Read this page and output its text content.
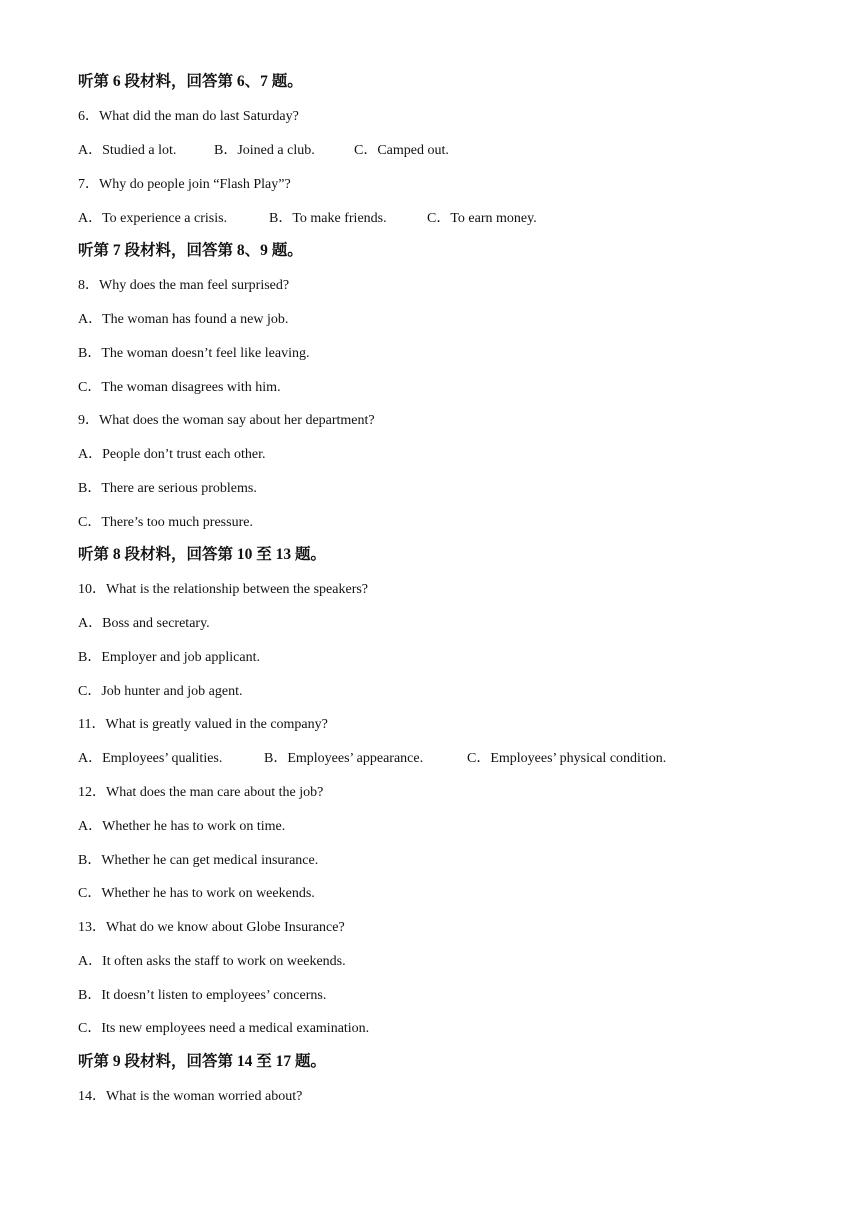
听第 6 段材料，回答第 6、7 题。
6．What did the man do last Saturday?
A．Studied a lot.	B．Joined a club.	C．Camped out.
7．Why do people join “Flash Play”?
A．To experience a crisis.	B．To make friends.	C．To earn money.
听第 7 段材料，回答第 8、9 题。
8．Why does the man feel surprised?
A．The woman has found a new job.
B．The woman doesn’t feel like leaving.
C．The woman disagrees with him.
9．What does the woman say about her department?
A．People don’t trust each other.
B．There are serious problems.
C．There’s too much pressure.
听第 8 段材料，回答第 10 至 13 题。
10．What is the relationship between the speakers?
A．Boss and secretary.
B．Employer and job applicant.
C．Job hunter and job agent.
11．What is greatly valued in the company?
A．Employees’ qualities.	B．Employees’ appearance.	C．Employees’ physical condition.
12．What does the man care about the job?
A．Whether he has to work on time.
B．Whether he can get medical insurance.
C．Whether he has to work on weekends.
13．What do we know about Globe Insurance?
A．It often asks the staff to work on weekends.
B．It doesn’t listen to employees’ concerns.
C．Its new employees need a medical examination.
听第 9 段材料，回答第 14 至 17 题。
14．What is the woman worried about?
